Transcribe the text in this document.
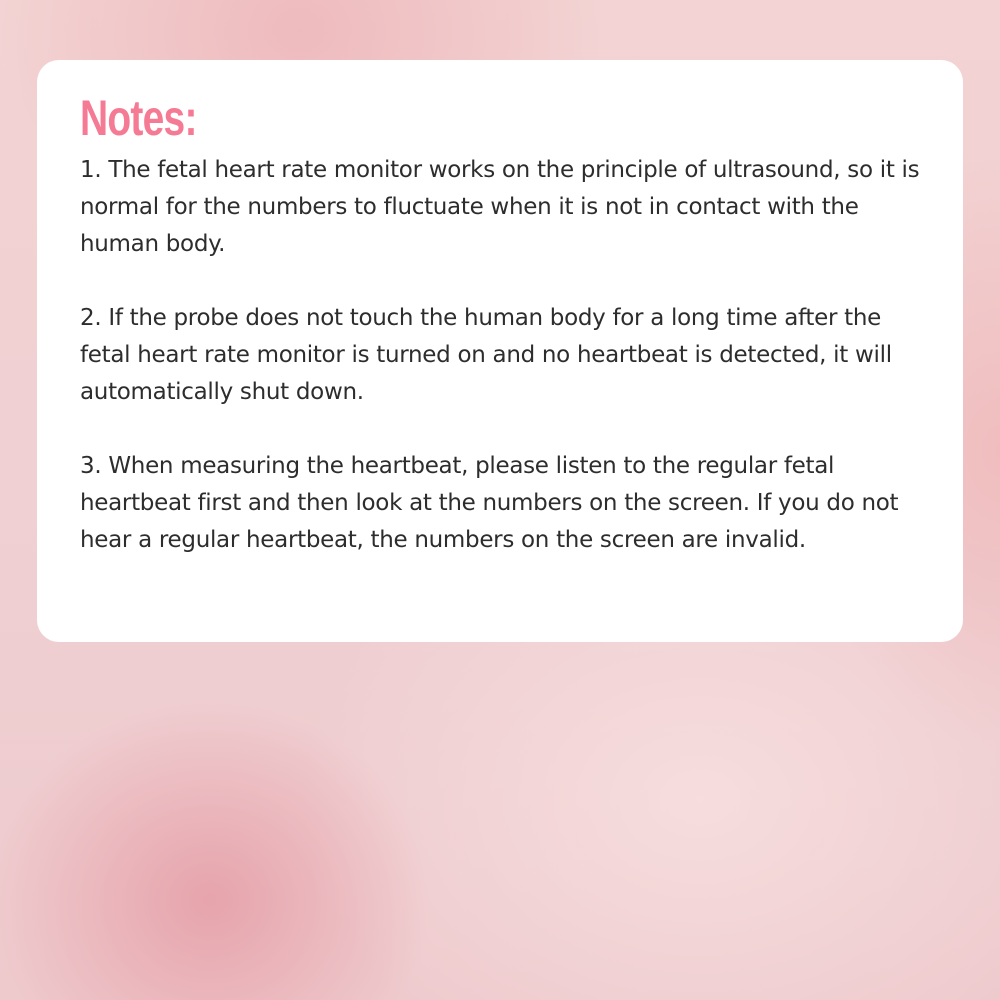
Notes:

1. The fetal heart rate monitor works on the principle of ultrasound, so it is normal for the numbers to fluctuate when it is not in contact with the human body.

2. If the probe does not touch the human body for a long time after the fetal heart rate monitor is turned on and no heartbeat is detected, it will automatically shut down.

3. When measuring the heartbeat, please listen to the regular fetal heartbeat first and then look at the numbers on the screen. If you do not hear a regular heartbeat, the numbers on the screen are invalid.
